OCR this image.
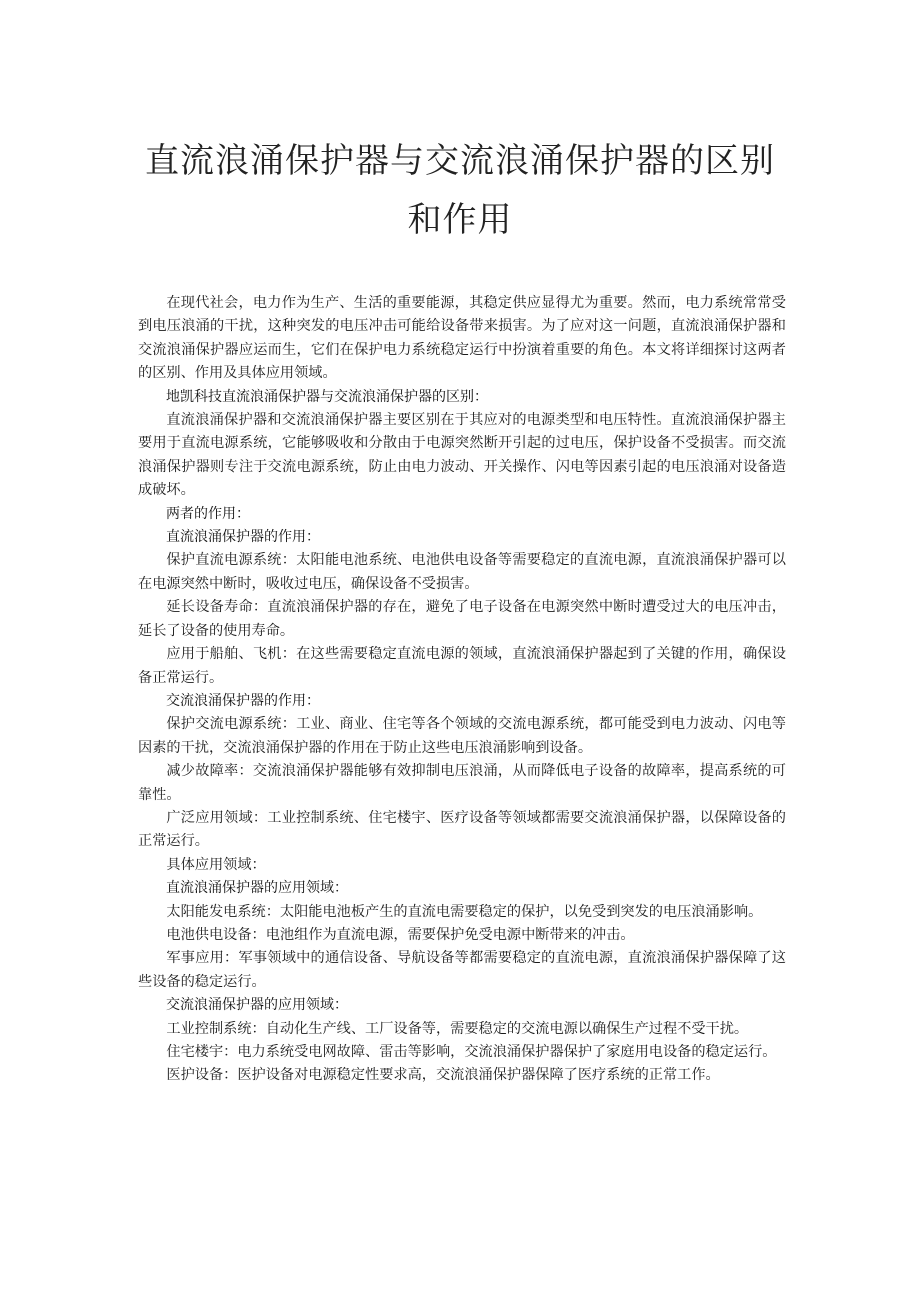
直流浪涌保护器与交流浪涌保护器的区别
和作用

在现代社会，电力作为生产、生活的重要能源，其稳定供应显得尤为重要。然而，电力系统常常受到电压浪涌的干扰，这种突发的电压冲击可能给设备带来损害。为了应对这一问题，直流浪涌保护器和交流浪涌保护器应运而生，它们在保护电力系统稳定运行中扮演着重要的角色。本文将详细探讨这两者的区别、作用及具体应用领域。

地凯科技直流浪涌保护器与交流浪涌保护器的区别：

直流浪涌保护器和交流浪涌保护器主要区别在于其应对的电源类型和电压特性。直流浪涌保护器主要用于直流电源系统，它能够吸收和分散由于电源突然断开引起的过电压，保护设备不受损害。而交流浪涌保护器则专注于交流电源系统，防止由电力波动、开关操作、闪电等因素引起的电压浪涌对设备造成破坏。

两者的作用：

直流浪涌保护器的作用：

保护直流电源系统：太阳能电池系统、电池供电设备等需要稳定的直流电源，直流浪涌保护器可以在电源突然中断时，吸收过电压，确保设备不受损害。

延长设备寿命：直流浪涌保护器的存在，避免了电子设备在电源突然中断时遭受过大的电压冲击，延长了设备的使用寿命。

应用于船舶、飞机：在这些需要稳定直流电源的领域，直流浪涌保护器起到了关键的作用，确保设备正常运行。

交流浪涌保护器的作用：

保护交流电源系统：工业、商业、住宅等各个领域的交流电源系统，都可能受到电力波动、闪电等因素的干扰，交流浪涌保护器的作用在于防止这些电压浪涌影响到设备。

减少故障率：交流浪涌保护器能够有效抑制电压浪涌，从而降低电子设备的故障率，提高系统的可靠性。

广泛应用领域：工业控制系统、住宅楼宇、医疗设备等领域都需要交流浪涌保护器，以保障设备的正常运行。

具体应用领域：

直流浪涌保护器的应用领域：

太阳能发电系统：太阳能电池板产生的直流电需要稳定的保护，以免受到突发的电压浪涌影响。

电池供电设备：电池组作为直流电源，需要保护免受电源中断带来的冲击。

军事应用：军事领域中的通信设备、导航设备等都需要稳定的直流电源，直流浪涌保护器保障了这些设备的稳定运行。

交流浪涌保护器的应用领域：

工业控制系统：自动化生产线、工厂设备等，需要稳定的交流电源以确保生产过程不受干扰。

住宅楼宇：电力系统受电网故障、雷击等影响，交流浪涌保护器保护了家庭用电设备的稳定运行。

医护设备：医护设备对电源稳定性要求高，交流浪涌保护器保障了医疗系统的正常工作。
